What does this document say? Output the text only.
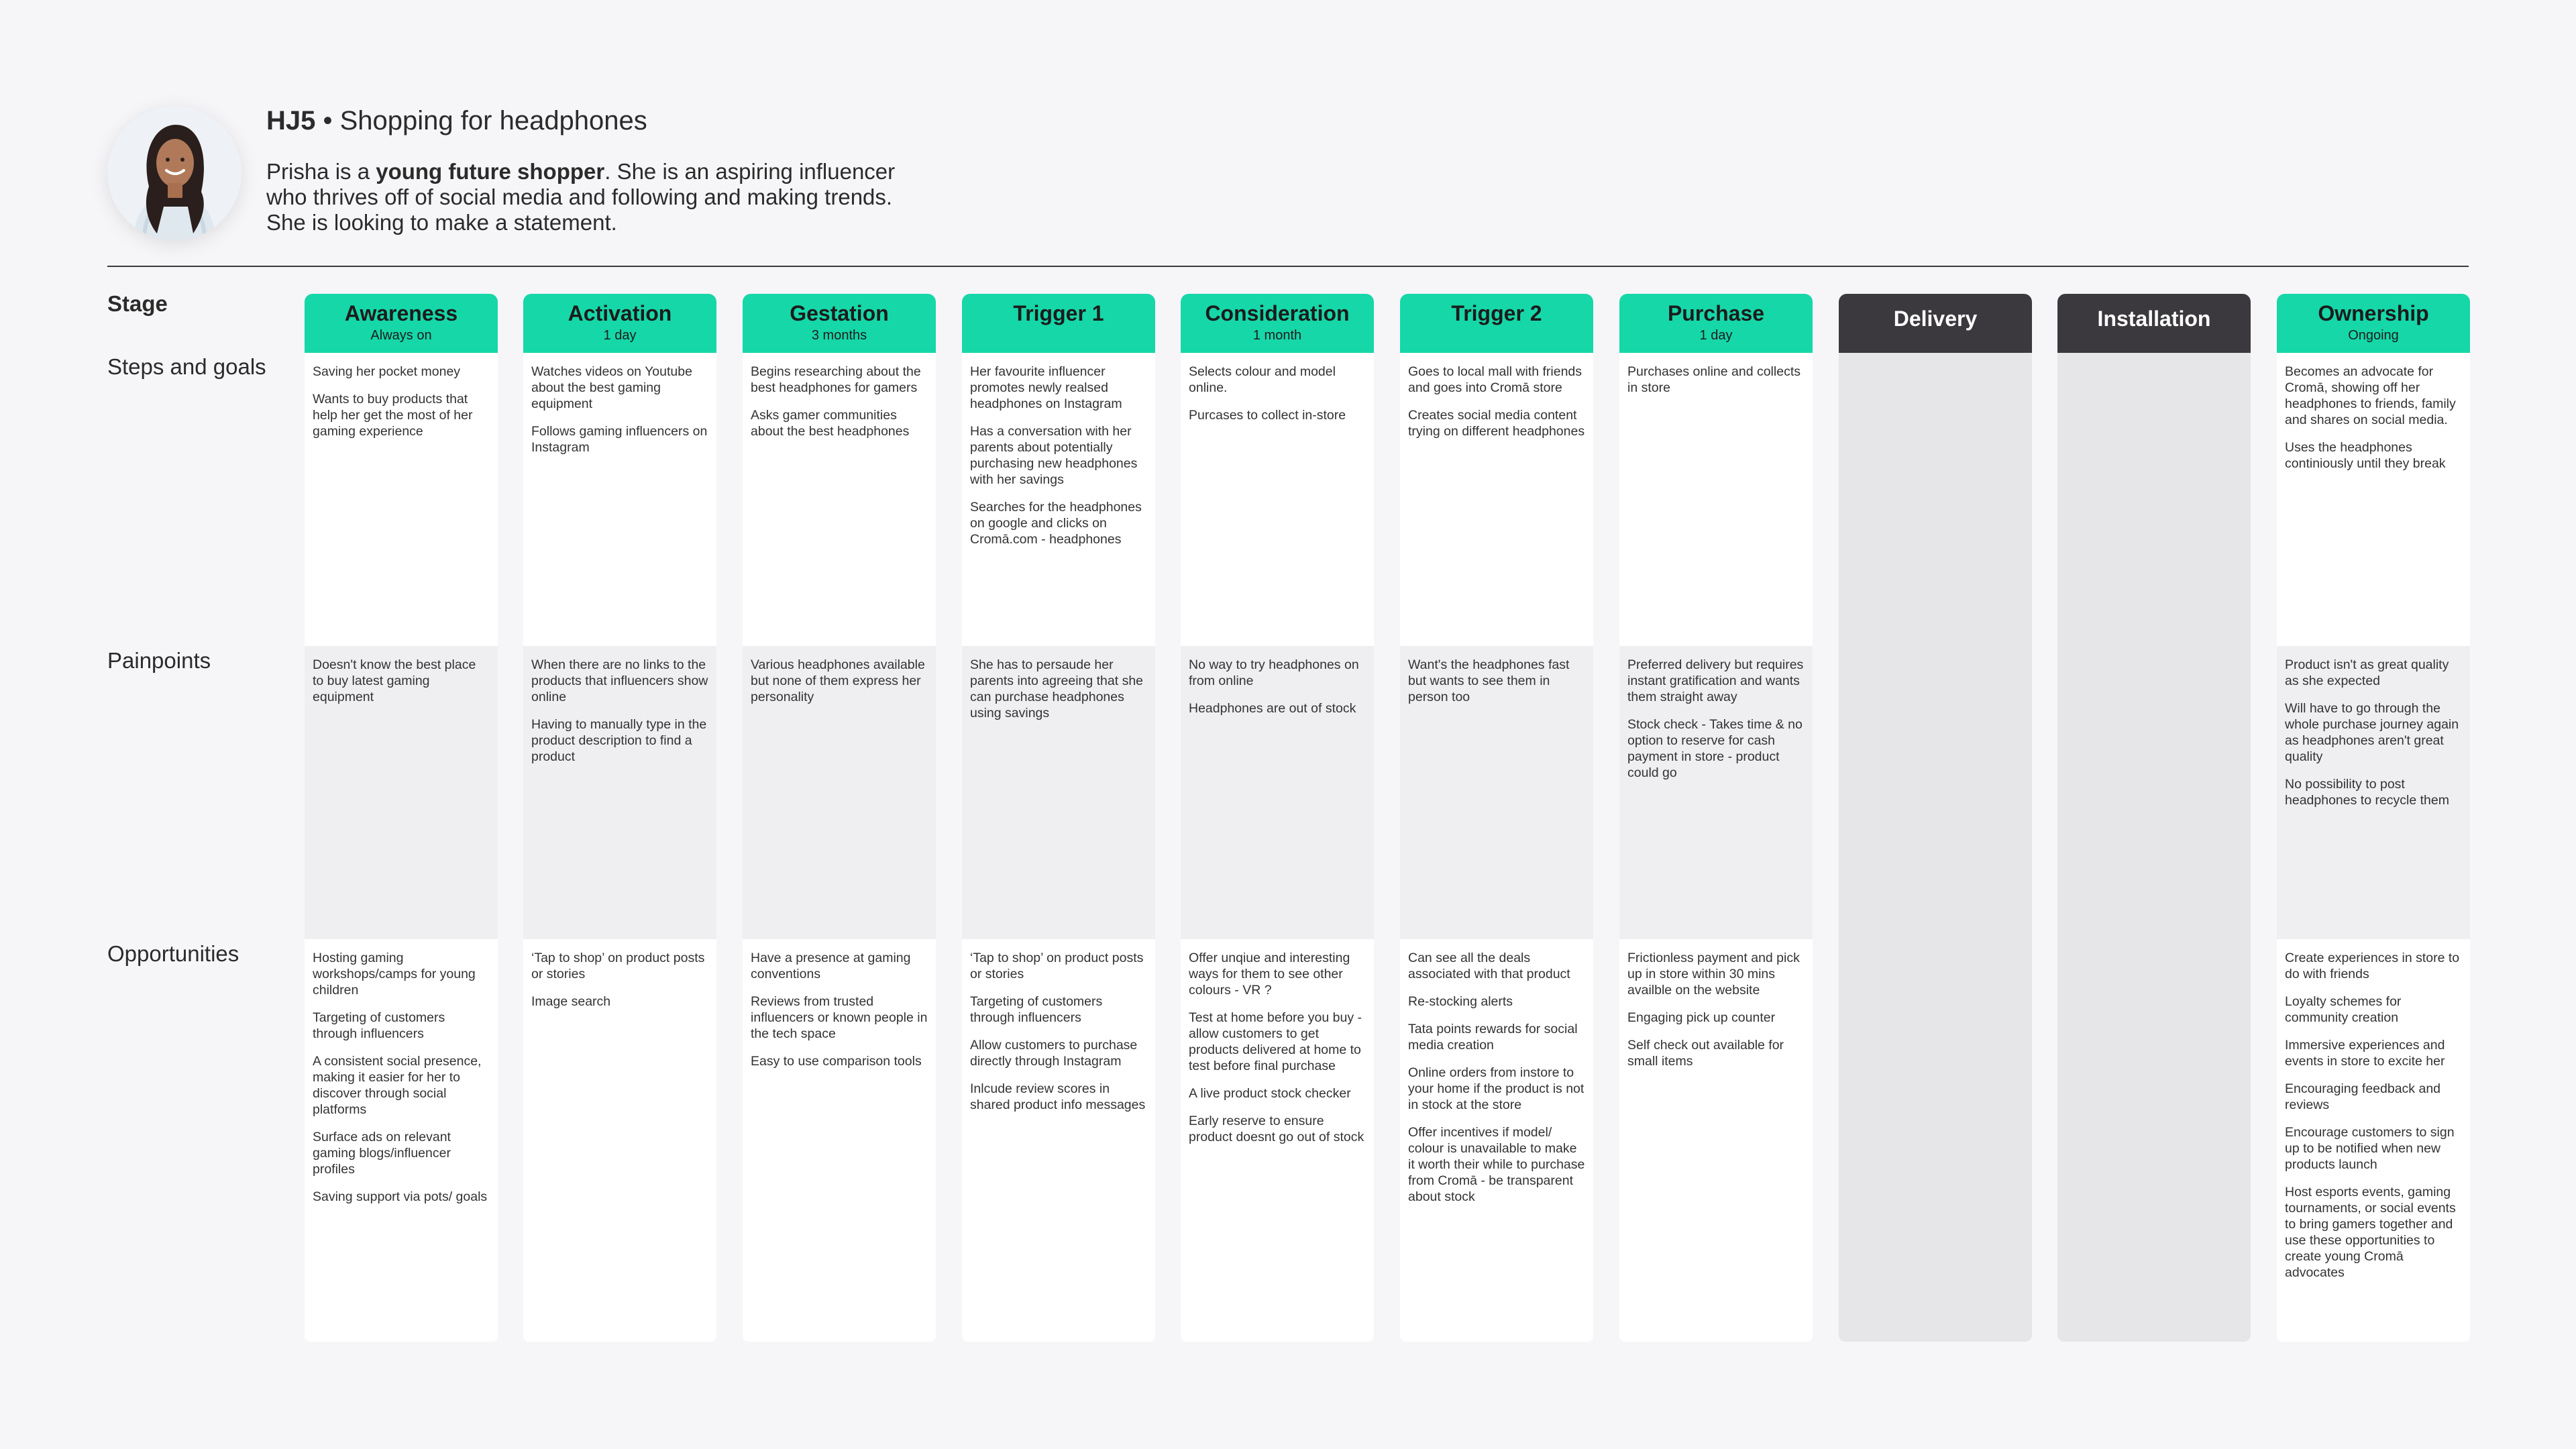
HJ5 • Shopping for headphones
Prisha is a young future shopper. She is an aspiring influencer who thrives off of social media and following and making trends. She is looking to make a statement.
Stage
Steps and goals
Painpoints
Opportunities
Awareness
Always on
Saving her pocket money
Wants to buy products that help her get the most of her gaming experience
Doesn't know the best place to buy latest gaming equipment
Hosting gaming workshops/camps for young children
Targeting of customers through influencers
A consistent social presence, making it easier for her to discover through social platforms
Surface ads on relevant gaming blogs/influencer profiles
Saving support via pots/ goals
Activation
1 day
Watches videos on Youtube about the best gaming equipment
Follows gaming influencers on Instagram
When there are no links to the products that influencers show online
Having to manually type in the product description to find a product
‘Tap to shop’ on product posts or stories
Image search
Gestation
3 months
Begins researching about the best headphones for gamers
Asks gamer communities about the best headphones
Various headphones available but none of them express her personality
Have a presence at gaming conventions
Reviews from trusted influencers or known people in the tech space
Easy to use comparison tools
Trigger 1
Her favourite influencer promotes newly realsed headphones on Instagram
Has a conversation with her parents about potentially purchasing new headphones with her savings
Searches for the headphones on google and clicks on Cromā.com - headphones
She has to persaude her parents into agreeing that she can purchase headphones using savings
‘Tap to shop’ on product posts or stories
Targeting of customers through influencers
Allow customers to purchase directly through Instagram
Inlcude review scores in shared product info messages
Consideration
1 month
Selects colour and model online.
Purcases to collect in-store
No way to try headphones on from online
Headphones are out of stock
Offer unqiue and interesting ways for them to see other colours - VR ?
Test at home before you buy - allow customers to get products delivered at home to test before final purchase
A live product stock checker
Early reserve to ensure product doesnt go out of stock
Trigger 2
Goes to local mall with friends and goes into Cromā store
Creates social media content trying on different headphones
Want's the headphones fast but wants to see them in person too
Can see all the deals associated with that product
Re-stocking alerts
Tata points rewards for social media creation
Online orders from instore to your home if the product is not in stock at the store
Offer incentives if model/ colour is unavailable to make it worth their while to purchase from Cromā - be transparent about stock
Purchase
1 day
Purchases online and collects in store
Preferred delivery but requires instant gratification and wants them straight away
Stock check - Takes time & no option to reserve for cash payment in store - product could go
Frictionless payment and pick up in store within 30 mins availble on the website
Engaging pick up counter
Self check out available for small items
Delivery	Installation	Ownership
Ongoing
Becomes an advocate for Cromā, showing off her headphones to friends, family and shares on social media.
Uses the headphones continiously until they break
Product isn't as great quality as she expected
Will have to go through the whole purchase journey again as headphones aren't great quality
No possibility to post headphones to recycle them
Create experiences in store to do with friends
Loyalty schemes for community creation
Immersive experiences and events in store to excite her
Encouraging feedback and reviews
Encourage customers to sign up to be notified when new products launch
Host esports events, gaming tournaments, or social events to bring gamers together and use these opportunities to create young Cromā advocates
